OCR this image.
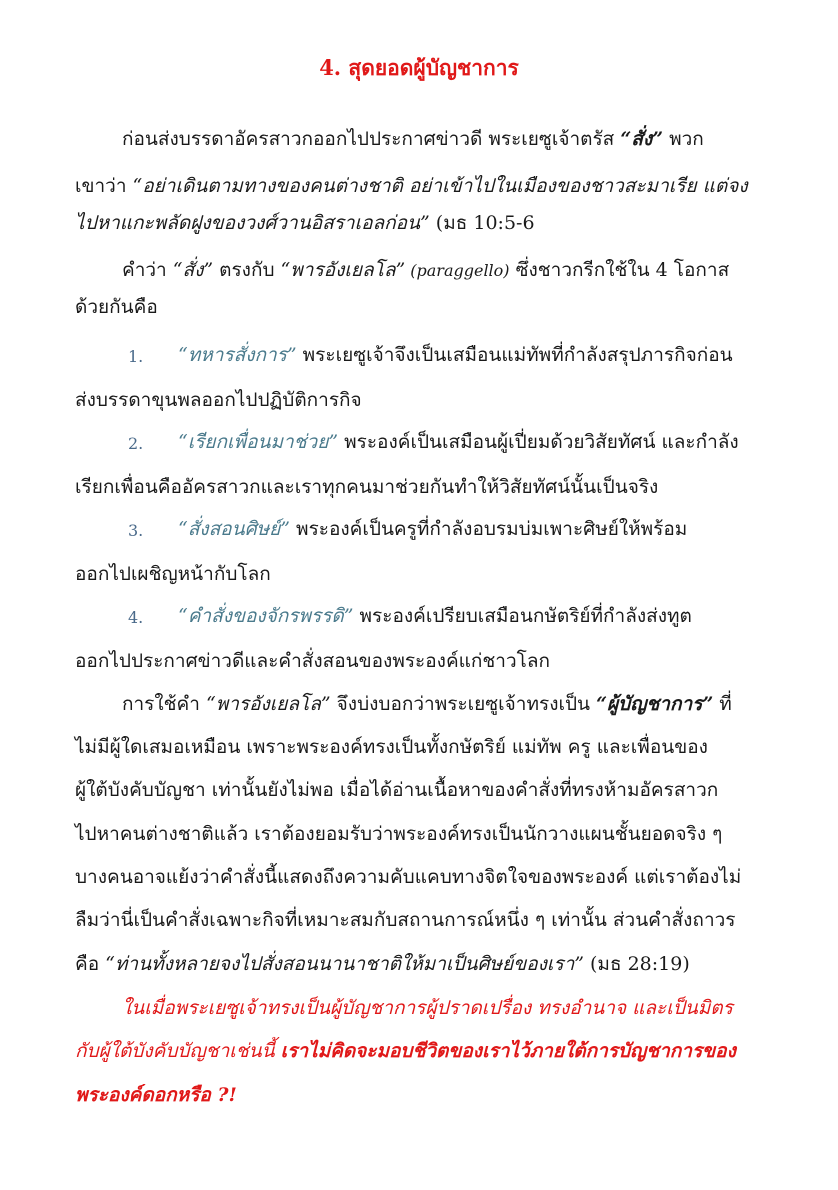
4. สุดยอดผู้บัญชาการ
ก่อนส่งบรรดาอัครสาวกออกไปประกาศข่าวดี พระเยซูเจ้าตรัส “สั่ง” พวก
เขาว่า “อย่าเดินตามทางของคนต่างชาติ อย่าเข้าไปในเมืองของชาวสะมาเรีย แต่จง
ไปหาแกะพลัดฝูงของวงศ์วานอิสราเอลก่อน” (มธ 10:5-6
คำว่า “สั่ง” ตรงกับ “พารอังเยลโล” (paraggello) ซึ่งชาวกรีกใช้ใน 4 โอกาส
ด้วยกันคือ
1. “ทหารสั่งการ” พระเยซูเจ้าจึงเป็นเสมือนแม่ทัพที่กำลังสรุปภารกิจก่อน
ส่งบรรดาขุนพลออกไปปฏิบัติการกิจ
2. “เรียกเพื่อนมาช่วย” พระองค์เป็นเสมือนผู้เปี่ยมด้วยวิสัยทัศน์ และกำลัง
เรียกเพื่อนคืออัครสาวกและเราทุกคนมาช่วยกันทำให้วิสัยทัศน์นั้นเป็นจริง
3. “สั่งสอนศิษย์” พระองค์เป็นครูที่กำลังอบรมบ่มเพาะศิษย์ให้พร้อม
ออกไปเผชิญหน้ากับโลก
4. “คำสั่งของจักรพรรดิ” พระองค์เปรียบเสมือนกษัตริย์ที่กำลังส่งทูต
ออกไปประกาศข่าวดีและคำสั่งสอนของพระองค์แก่ชาวโลก
การใช้คำ “พารอังเยลโล” จึงบ่งบอกว่าพระเยซูเจ้าทรงเป็น “ผู้บัญชาการ” ที่
ไม่มีผู้ใดเสมอเหมือน เพราะพระองค์ทรงเป็นทั้งกษัตริย์ แม่ทัพ ครู และเพื่อนของ
ผู้ใต้บังคับบัญชา เท่านั้นยังไม่พอ เมื่อได้อ่านเนื้อหาของคำสั่งที่ทรงห้ามอัครสาวก
ไปหาคนต่างชาติแล้ว เราต้องยอมรับว่าพระองค์ทรงเป็นนักวางแผนชั้นยอดจริง ๆ
บางคนอาจแย้งว่าคำสั่งนี้แสดงถึงความคับแคบทางจิตใจของพระองค์ แต่เราต้องไม่
ลืมว่านี่เป็นคำสั่งเฉพาะกิจที่เหมาะสมกับสถานการณ์หนึ่ง ๆ เท่านั้น ส่วนคำสั่งถาวร
คือ “ท่านทั้งหลายจงไปสั่งสอนนานาชาติให้มาเป็นศิษย์ของเรา” (มธ 28:19)
ในเมื่อพระเยซูเจ้าทรงเป็นผู้บัญชาการผู้ปราดเปรื่อง ทรงอำนาจ และเป็นมิตร
กับผู้ใต้บังคับบัญชาเช่นนี้ เราไม่คิดจะมอบชีวิตของเราไว้ภายใต้การบัญชาการของ
พระองค์ดอกหรือ ?!
